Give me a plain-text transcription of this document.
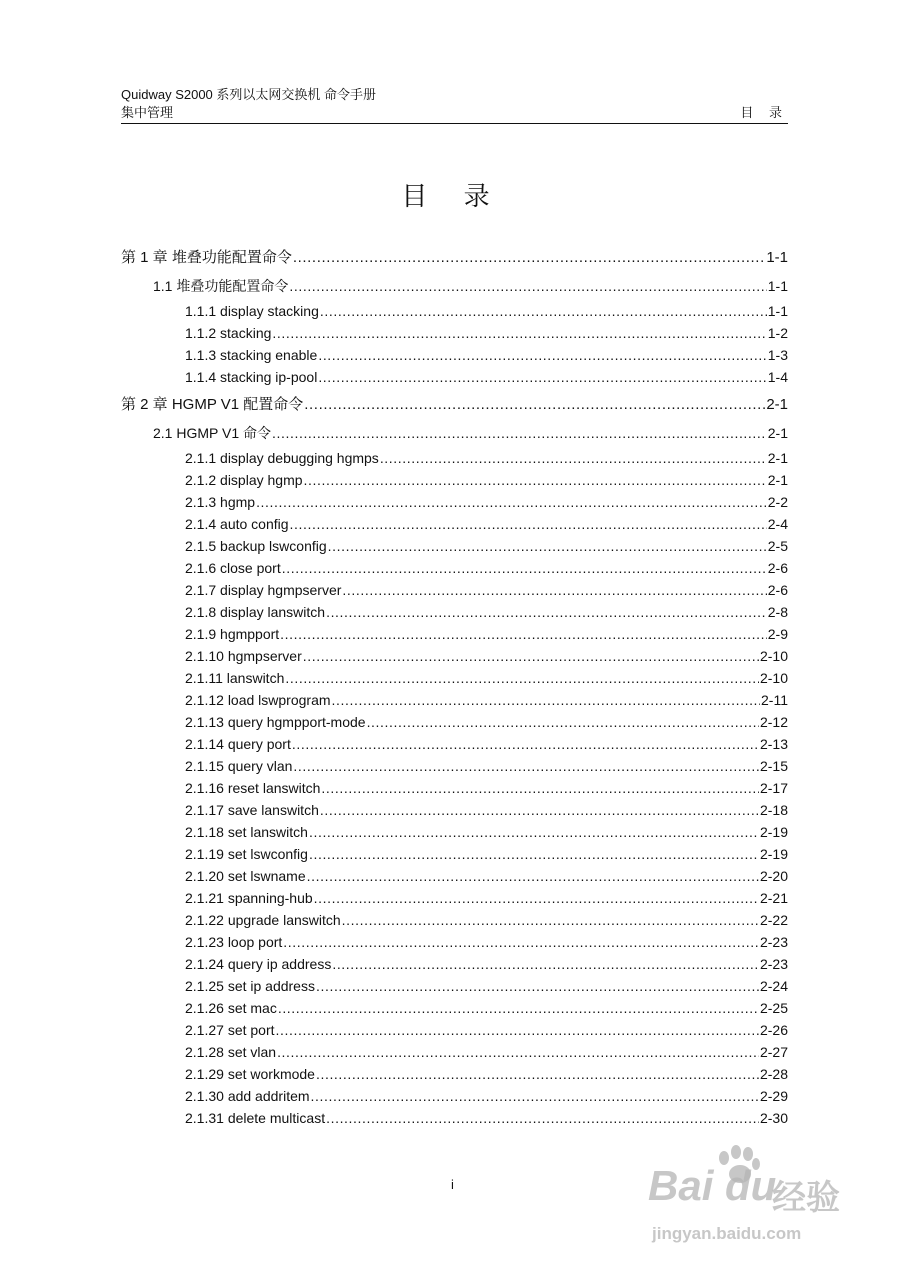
Quidway S2000 系列以太网交换机 命令手册
集中管理	目 录
目 录
第 1 章 堆叠功能配置命令 .....	1-1
1.1 堆叠功能配置命令 .....	1-1
1.1.1 display stacking .....	1-1
1.1.2 stacking .....	1-2
1.1.3 stacking enable .....	1-3
1.1.4 stacking ip-pool .....	1-4
第 2 章 HGMP V1 配置命令 .....	2-1
2.1 HGMP V1 命令 .....	2-1
2.1.1 display debugging hgmps .....	2-1
2.1.2 display hgmp .....	2-1
2.1.3 hgmp .....	2-2
2.1.4 auto config .....	2-4
2.1.5 backup lswconfig .....	2-5
2.1.6 close port .....	2-6
2.1.7 display hgmpserver .....	2-6
2.1.8 display lanswitch .....	2-8
2.1.9 hgmpport .....	2-9
2.1.10 hgmpserver .....	2-10
2.1.11 lanswitch .....	2-10
2.1.12 load lswprogram .....	2-11
2.1.13 query hgmpport-mode .....	2-12
2.1.14 query port .....	2-13
2.1.15 query vlan .....	2-15
2.1.16 reset lanswitch .....	2-17
2.1.17 save lanswitch .....	2-18
2.1.18 set lanswitch .....	2-19
2.1.19 set lswconfig .....	2-19
2.1.20 set lswname .....	2-20
2.1.21 spanning-hub .....	2-21
2.1.22 upgrade lanswitch .....	2-22
2.1.23 loop port .....	2-23
2.1.24 query ip address .....	2-23
2.1.25 set ip address .....	2-24
2.1.26 set mac .....	2-25
2.1.27 set port .....	2-26
2.1.28 set vlan .....	2-27
2.1.29 set workmode .....	2-28
2.1.30 add addritem .....	2-29
2.1.31 delete multicast .....	2-30
i	Bai du
经验
jingyan.baidu.com
